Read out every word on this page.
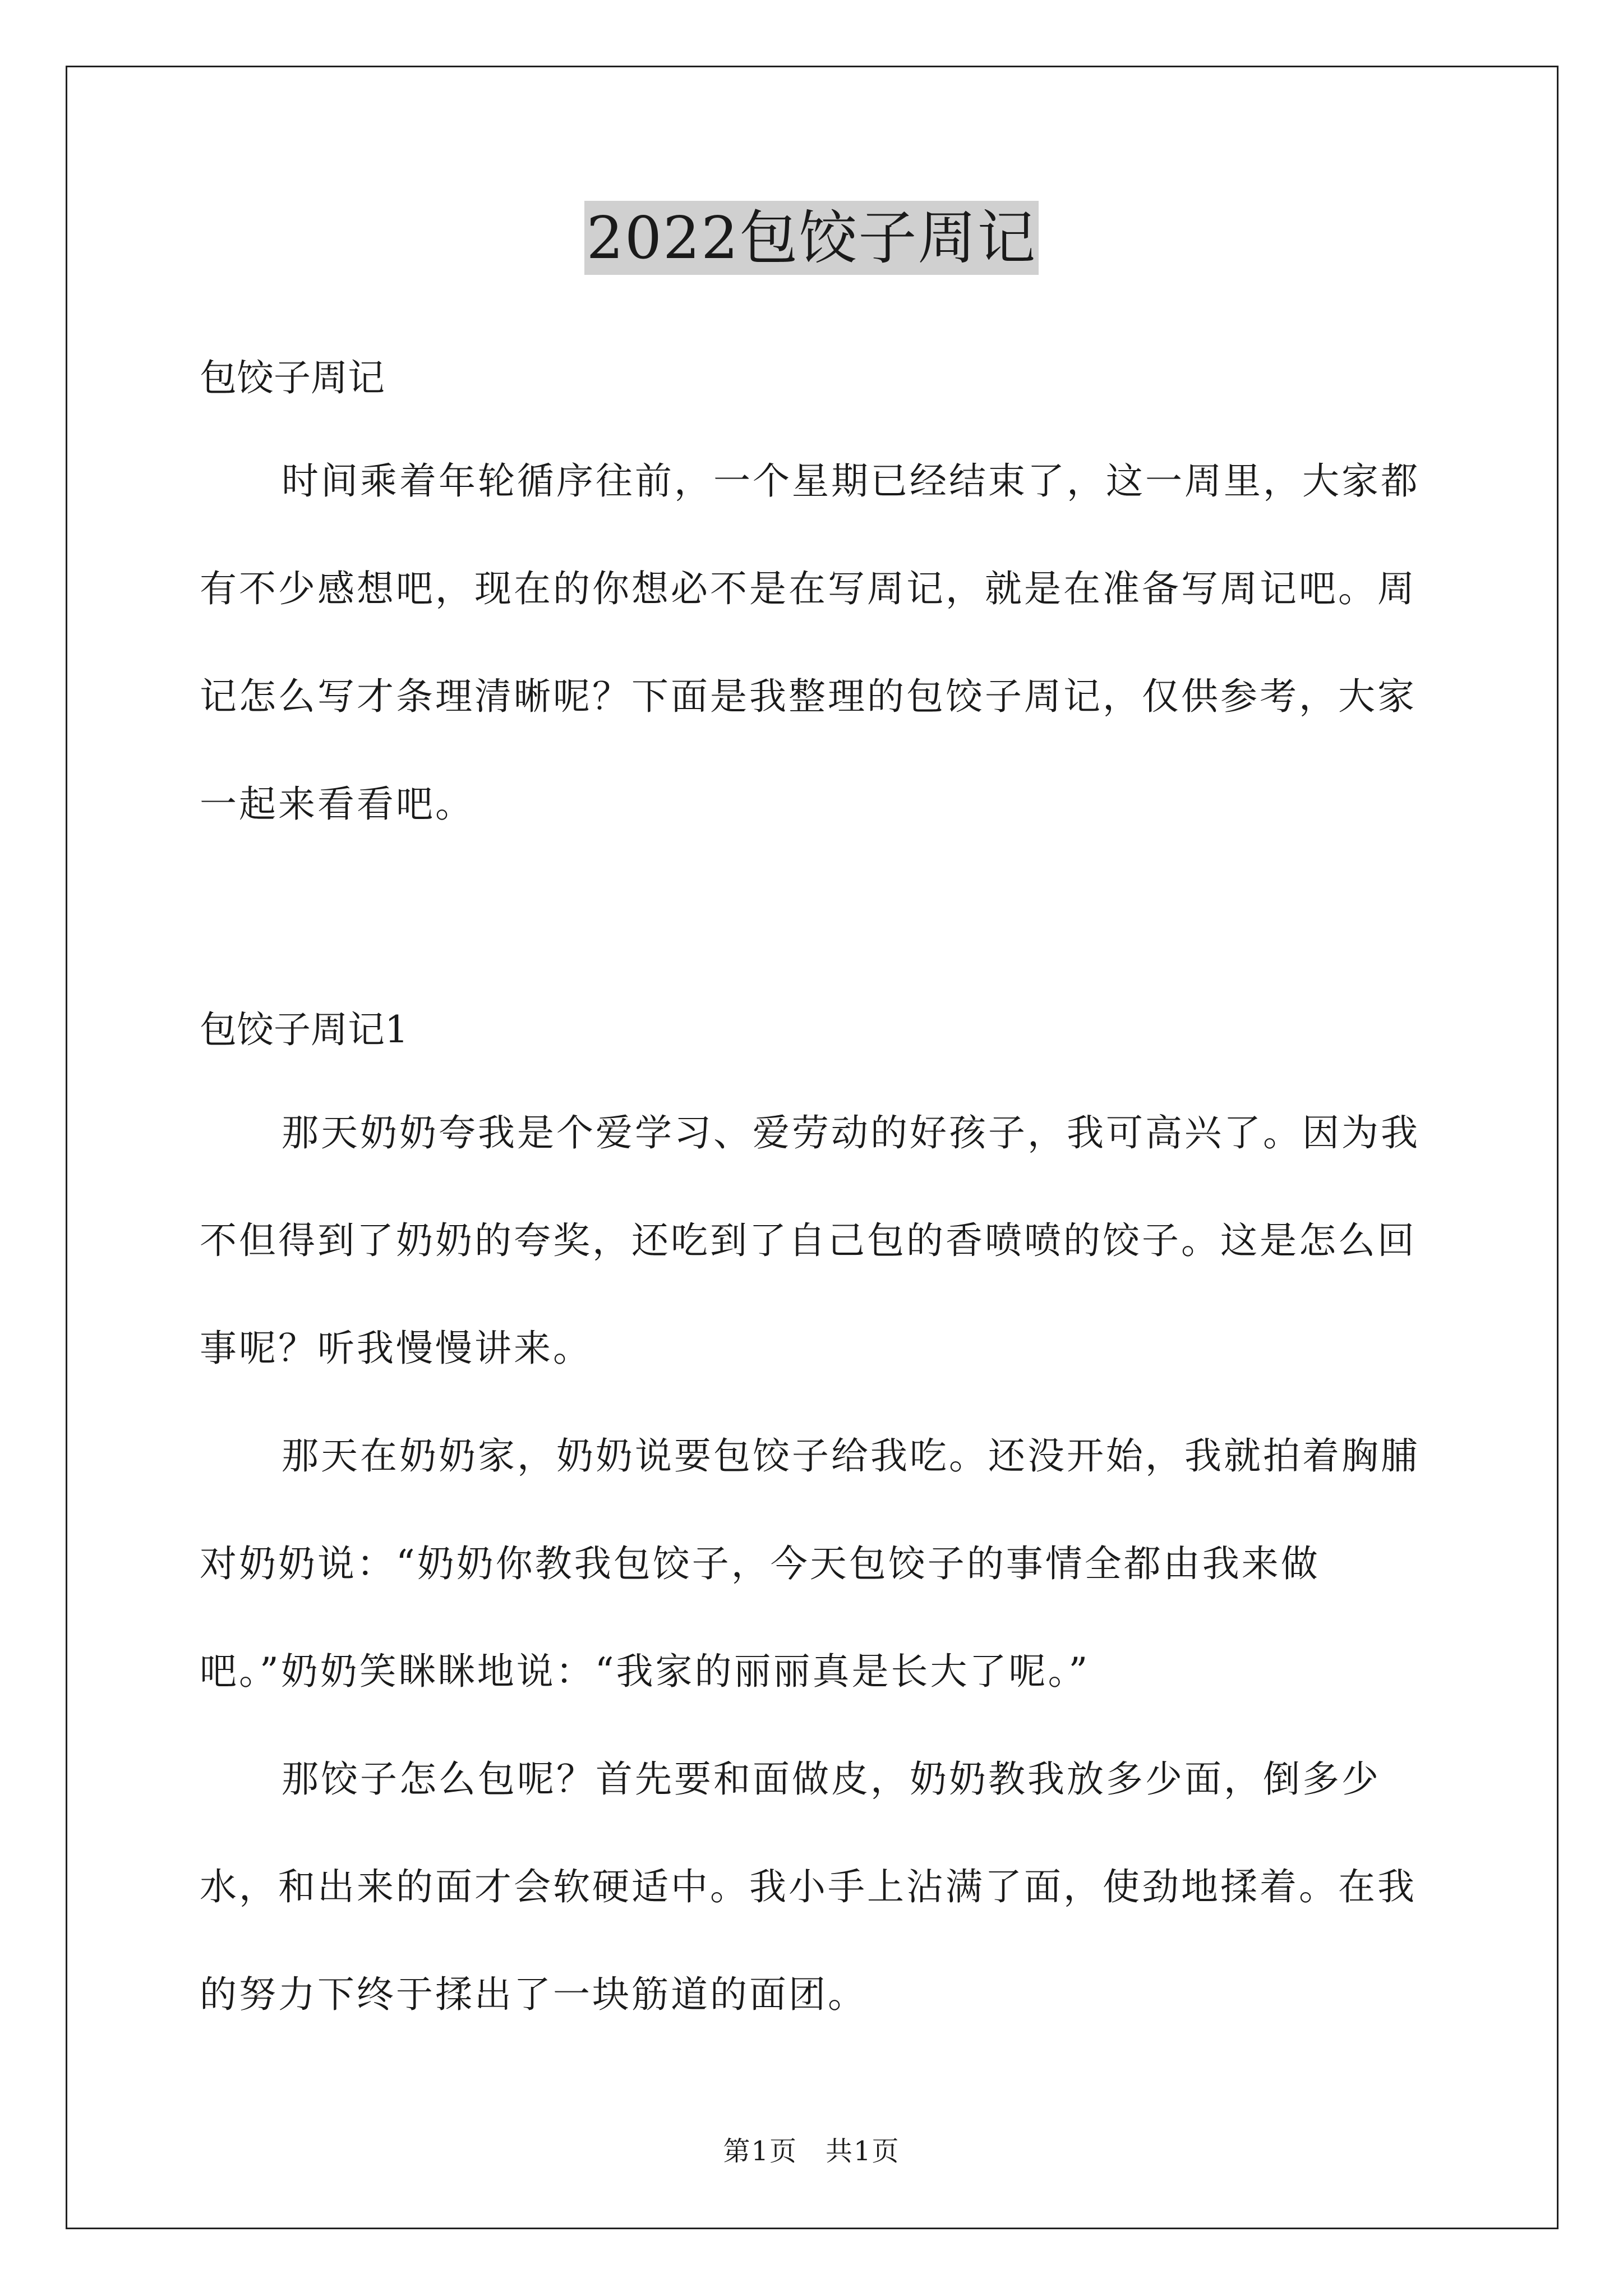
2022包饺子周记

包饺子周记

时间乘着年轮循序往前，一个星期已经结束了，这一周里，大家都有不少感想吧，现在的你想必不是在写周记，就是在准备写周记吧。周记怎么写才条理清晰呢？下面是我整理的包饺子周记，仅供参考，大家一起来看看吧。

包饺子周记1

那天奶奶夸我是个爱学习、爱劳动的好孩子，我可高兴了。因为我不但得到了奶奶的夸奖，还吃到了自己包的香喷喷的饺子。这是怎么回事呢？听我慢慢讲来。

那天在奶奶家，奶奶说要包饺子给我吃。还没开始，我就拍着胸脯对奶奶说：“奶奶你教我包饺子，今天包饺子的事情全都由我来做吧。”奶奶笑眯眯地说：“我家的丽丽真是长大了呢。”

那饺子怎么包呢？首先要和面做皮，奶奶教我放多少面，倒多少水，和出来的面才会软硬适中。我小手上沾满了面，使劲地揉着。在我的努力下终于揉出了一块筋道的面团。

第1页　共1页
